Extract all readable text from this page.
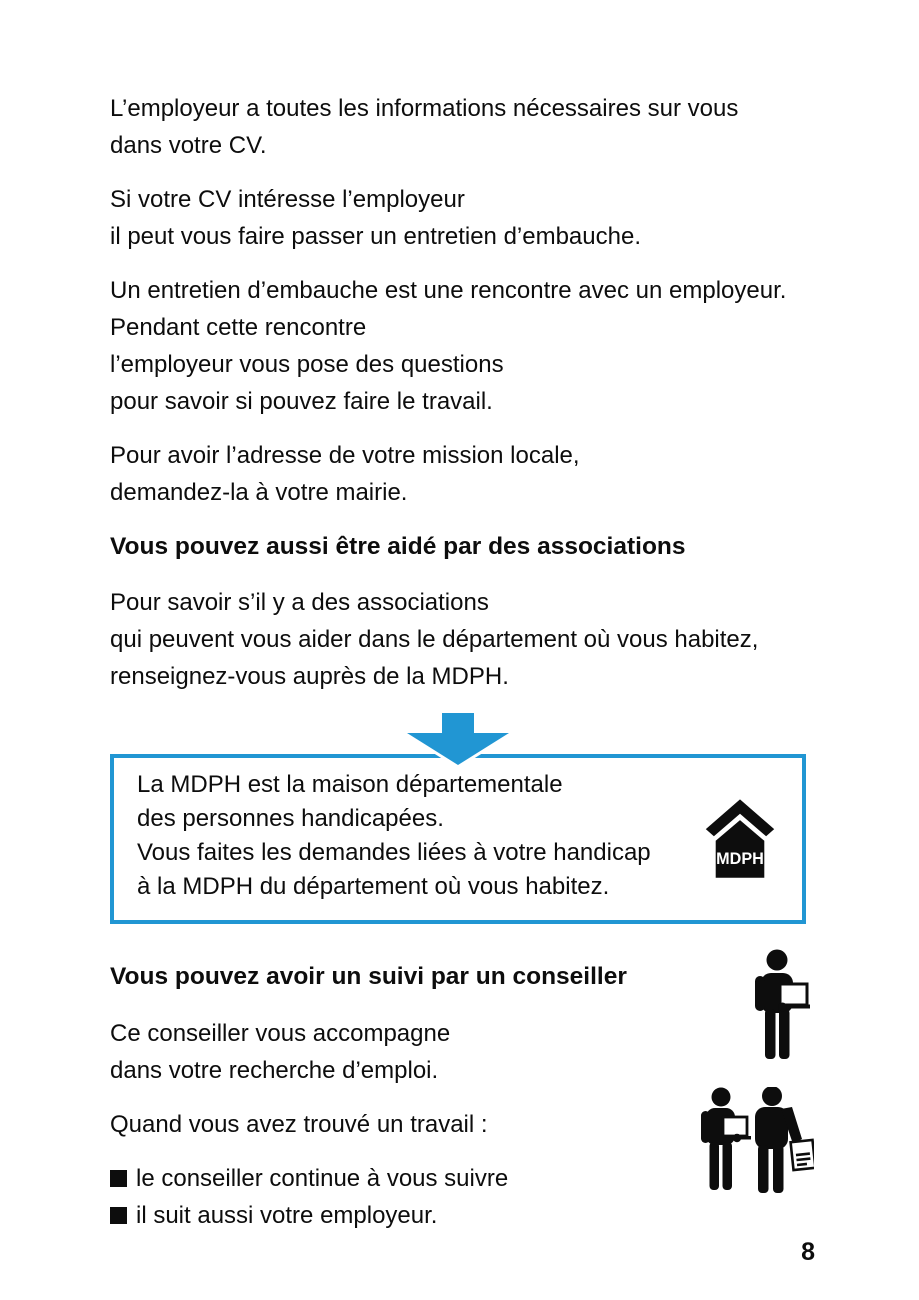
L’employeur a toutes les informations nécessaires sur vous
dans votre CV.

Si votre CV intéresse l’employeur
il peut vous faire passer un entretien d’embauche.

Un entretien d’embauche est une rencontre avec un employeur.
Pendant cette rencontre
l’employeur vous pose des questions
pour savoir si pouvez faire le travail.

Pour avoir l’adresse de votre mission locale,
demandez-la à votre mairie.

Vous pouvez aussi être aidé par des associations

Pour savoir s’il y a des associations
qui peuvent vous aider dans le département où vous habitez,
renseignez-vous auprès de la MDPH.

La MDPH est la maison départementale
des personnes handicapées.
Vous faites les demandes liées à votre handicap
à la MDPH du département où vous habitez.
MDPH
Vous pouvez avoir un suivi par un conseiller

Ce conseiller vous accompagne
dans votre recherche d’emploi.

Quand vous avez trouvé un travail :

le conseiller continue à vous suivre
il suit aussi votre employeur.
8
